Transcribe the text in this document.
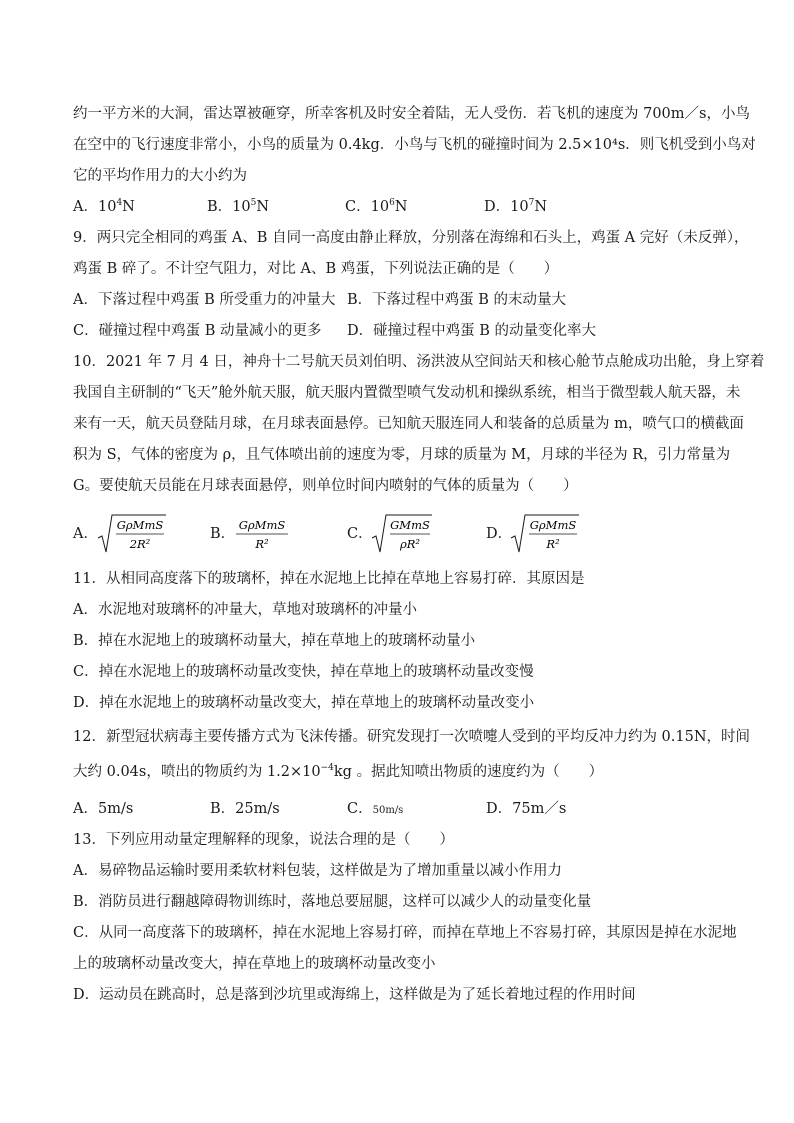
约一平方米的大洞，雷达罩被砸穿，所幸客机及时安全着陆，无人受伤．若飞机的速度为 700m／s，小鸟
在空中的飞行速度非常小，小鸟的质量为 0.4kg．小鸟与飞机的碰撞时间为 2.5×10⁴s．则飞机受到小鸟对
它的平均作用力的大小约为
A．$10^4N$	B．$10^5N$	C．$10^6N$	D．$10^7N$
9．两只完全相同的鸡蛋 A、B 自同一高度由静止释放，分别落在海绵和石头上，鸡蛋 A 完好（未反弹），
鸡蛋 B 碎了。不计空气阻力，对比 A、B 鸡蛋，下列说法正确的是（　　）
A．下落过程中鸡蛋 B 所受重力的冲量大 B．下落过程中鸡蛋 B 的末动量大
C．碰撞过程中鸡蛋 B 动量减小的更多 D．碰撞过程中鸡蛋 B 的动量变化率大
10．2021 年 7 月 4 日，神舟十二号航天员刘伯明、汤洪波从空间站天和核心舱节点舱成功出舱，身上穿着
我国自主研制的“飞天”舱外航天服，航天服内置微型喷气发动机和操纵系统，相当于微型载人航天器，未
来有一天，航天员登陆月球，在月球表面悬停。已知航天服连同人和装备的总质量为 m，喷气口的横截面
积为 S，气体的密度为 ρ，且气体喷出前的速度为零，月球的质量为 M，月球的半径为 R，引力常量为
G。要使航天员能在月球表面悬停，则单位时间内喷射的气体的质量为（　　）
A．
GρMmS
2R²
B．
GρMmS
R²
C．
GMmS
ρR²
D．
GρMmS
R²
11．从相同高度落下的玻璃杯，掉在水泥地上比掉在草地上容易打碎．其原因是
A．水泥地对玻璃杯的冲量大，草地对玻璃杯的冲量小
B．掉在水泥地上的玻璃杯动量大，掉在草地上的玻璃杯动量小
C．掉在水泥地上的玻璃杯动量改变快，掉在草地上的玻璃杯动量改变慢
D．掉在水泥地上的玻璃杯动量改变大，掉在草地上的玻璃杯动量改变小
12．新型冠状病毒主要传播方式为飞沫传播。研究发现打一次喷嚏人受到的平均反冲力约为 0.15N，时间
大约 0.04s，喷出的物质约为 $1.2\times 10^{-4}kg$ 。据此知喷出物质的速度约为（　　）
A．5m/s	B．25m/s	C．50m/s	D．75m／s
13．下列应用动量定理解释的现象，说法合理的是（　　）
A．易碎物品运输时要用柔软材料包装，这样做是为了增加重量以减小作用力
B．消防员进行翻越障碍物训练时，落地总要屈腿，这样可以减少人的动量变化量
C．从同一高度落下的玻璃杯，掉在水泥地上容易打碎，而掉在草地上不容易打碎，其原因是掉在水泥地
上的玻璃杯动量改变大，掉在草地上的玻璃杯动量改变小
D．运动员在跳高时，总是落到沙坑里或海绵上，这样做是为了延长着地过程的作用时间
